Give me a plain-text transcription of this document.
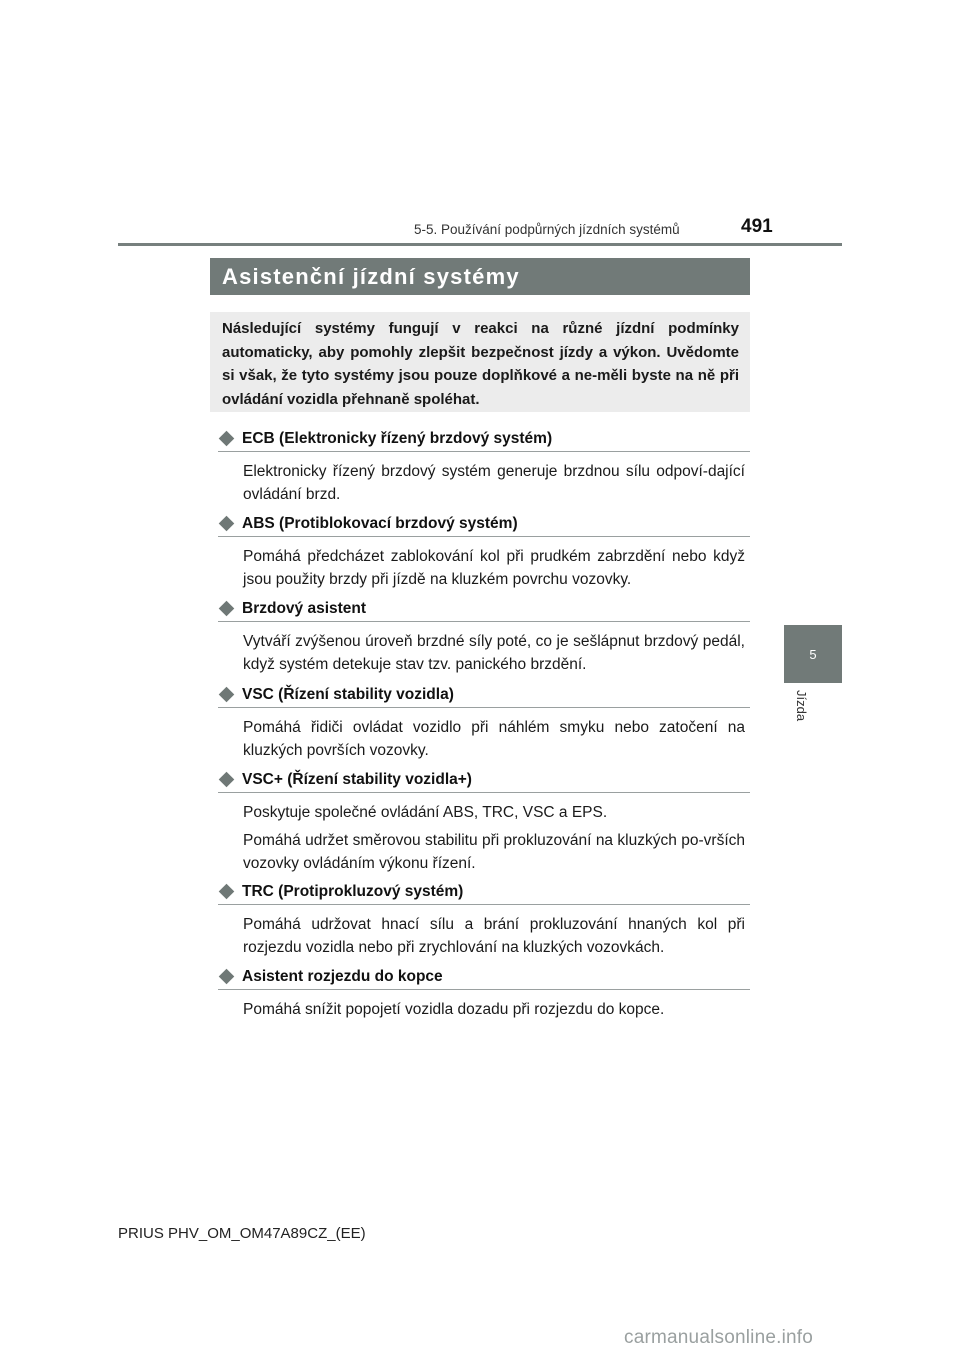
5-5. Používání podpůrných jízdních systémů	491
5
Jízda
Asistenční jízdní systémy

Následující systémy fungují v reakci na různé jízdní podmínky automaticky, aby pomohly zlepšit bezpečnost jízdy a výkon. Uvědomte si však, že tyto systémy jsou pouze doplňkové a ne-měli byste na ně při ovládání vozidla přehnaně spoléhat.

ECB (Elektronicky řízený brzdový systém)

Elektronicky řízený brzdový systém generuje brzdnou sílu odpoví-dající ovládání brzd.

ABS (Protiblokovací brzdový systém)

Pomáhá předcházet zablokování kol při prudkém zabrzdění nebo když jsou použity brzdy při jízdě na kluzkém povrchu vozovky.

Brzdový asistent

Vytváří zvýšenou úroveň brzdné síly poté, co je sešlápnut brzdový pedál, když systém detekuje stav tzv. panického brzdění.

VSC (Řízení stability vozidla)

Pomáhá řidiči ovládat vozidlo při náhlém smyku nebo zatočení na kluzkých površích vozovky.

VSC+ (Řízení stability vozidla+)

Poskytuje společné ovládání ABS, TRC, VSC a EPS.

Pomáhá udržet směrovou stabilitu při prokluzování na kluzkých po-vrších vozovky ovládáním výkonu řízení.

TRC (Protiprokluzový systém)

Pomáhá udržovat hnací sílu a brání prokluzování hnaných kol při rozjezdu vozidla nebo při zrychlování na kluzkých vozovkách.

Asistent rozjezdu do kopce

Pomáhá snížit popojetí vozidla dozadu při rozjezdu do kopce.

PRIUS PHV_OM_OM47A89CZ_(EE)
carmanualsonline.info
